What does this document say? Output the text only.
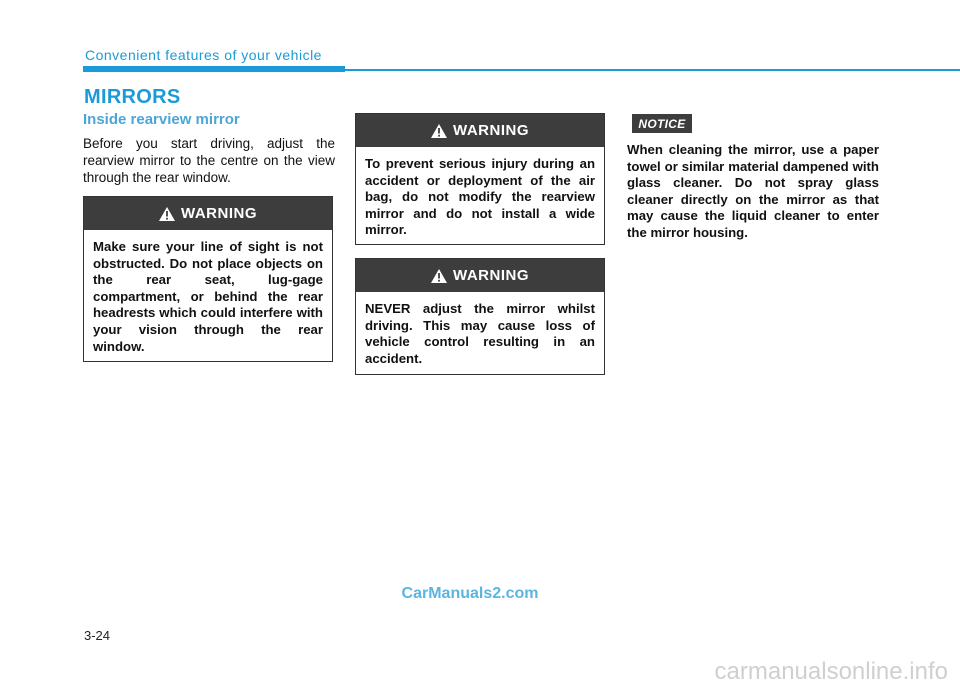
Convenient features of your vehicle
MIRRORS
Inside rearview mirror
Before you start driving, adjust the rearview mirror to the centre on the view through the rear window.
WARNING
Make sure your line of sight is not obstructed. Do not place objects on the rear seat, lug-gage compartment, or behind the rear headrests which could interfere with your vision through the rear window.
WARNING
To prevent serious injury during an accident or deployment of the air bag, do not modify the rearview mirror and do not install a wide mirror.
WARNING
NEVER adjust the mirror whilst driving. This may cause loss of vehicle control resulting in an accident.
NOTICE
When cleaning the mirror, use a paper towel or similar material dampened with glass cleaner. Do not spray glass cleaner directly on the mirror as that may cause the liquid cleaner to enter the mirror housing.
CarManuals2.com
3-24
carmanualsonline.info
